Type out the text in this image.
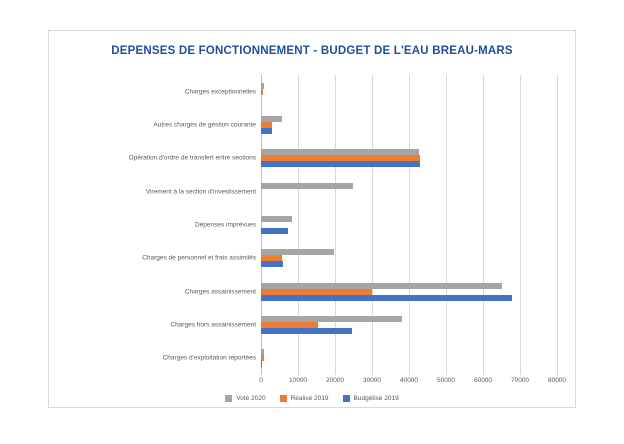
DEPENSES DE FONCTIONNEMENT - BUDGET DE L'EAU BREAU-MARS
Charges exceptionnelles
Autres charges de gestion courante
Opération d'ordre de transfert entre sections
Virement à la section d'investissement
Dépenses imprévues
Charges de personnel et frais assimilés
Charges assainissement
Charges hors assainissement
Charges d'exploitation reportées
0	10000	20000	30000	40000	50000	60000	70000	80000
Voté 2020	Réalisé 2019	Budgétisé 2019
